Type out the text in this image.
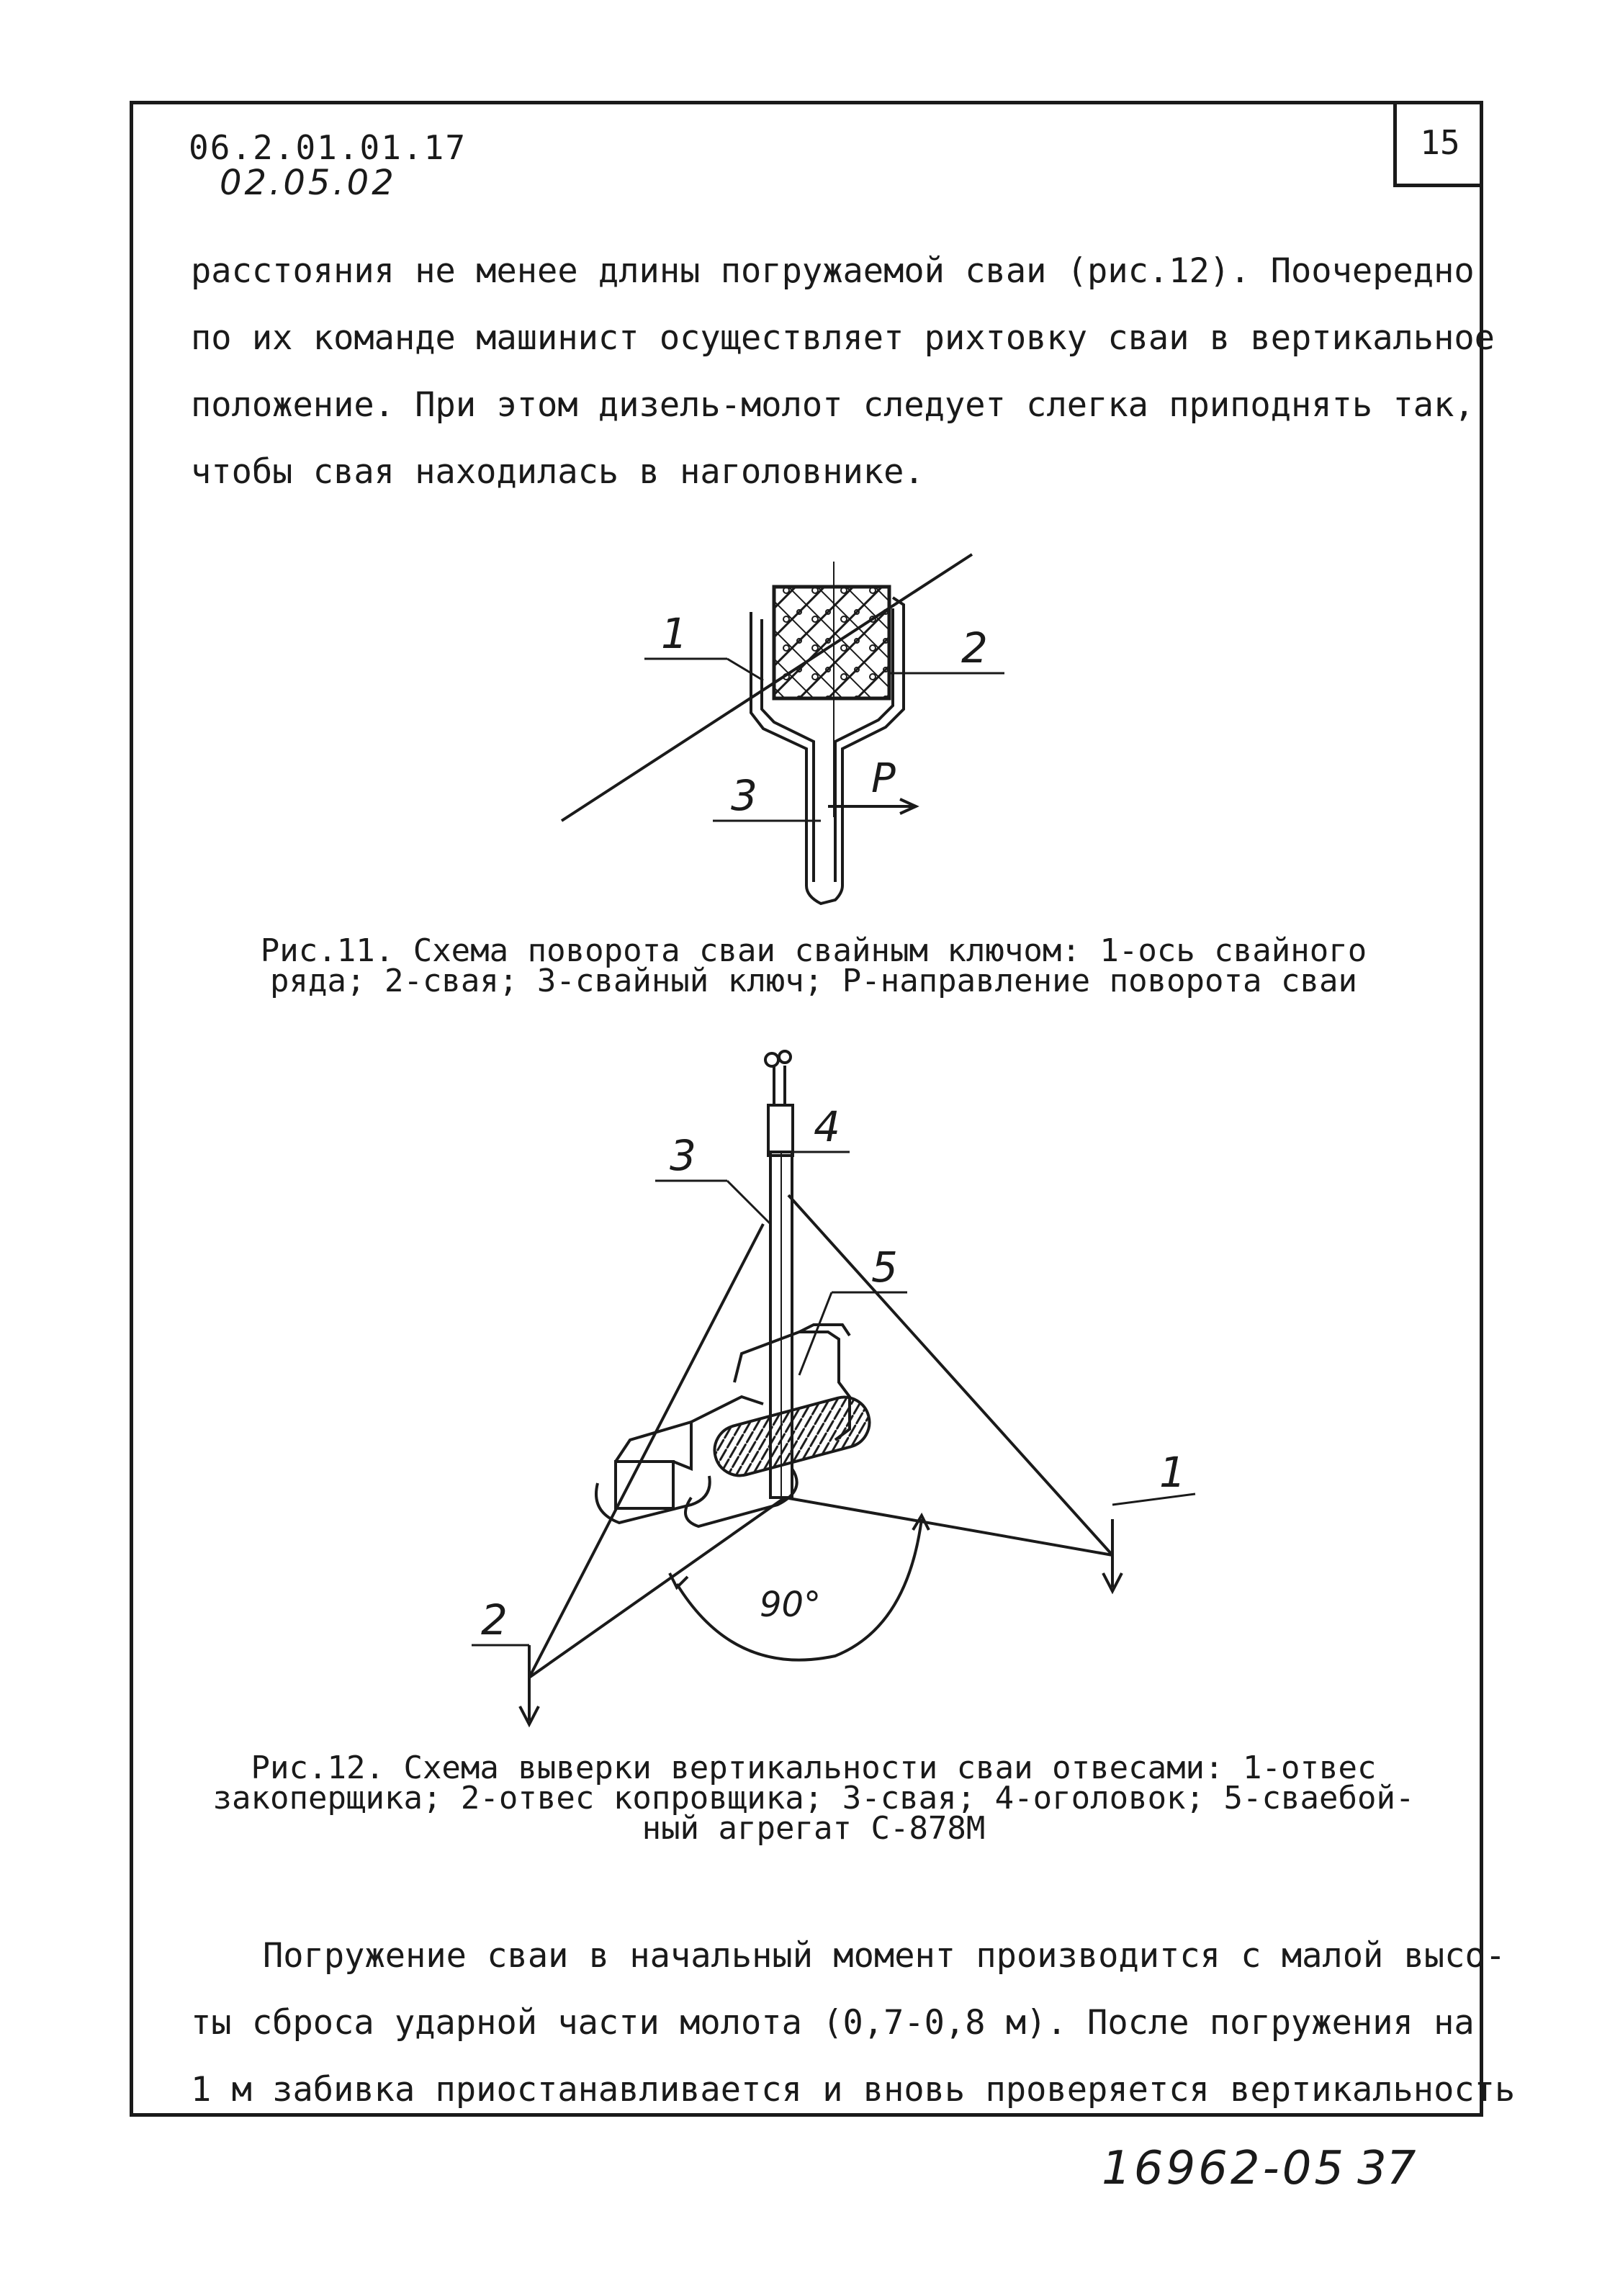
15
06.2.01.01.17
02.05.02

расстояния не менее длины погружаемой сваи (рис.12). Поочередно

по их команде машинист осуществляет рихтовку сваи в вертикальное

положение. При этом дизель-молот следует слегка приподнять так,

чтобы свая находилась в наголовнике.

1	2
3	P
3
4
5
1
2	90°

Рис.11. Схема поворота сваи свайным ключом: 1-ось свайного

ряда; 2-свая; 3-свайный ключ; Р-направление поворота сваи

Рис.12. Схема выверки вертикальности сваи отвесами: 1-отвес

закоперщика; 2-отвес копровщика; 3-свая; 4-оголовок; 5-сваебой-

ный агрегат С-878М

Погружение сваи в начальный момент производится с малой высо-

ты сброса ударной части молота (0,7-0,8 м). После погружения на

1 м забивка приостанавливается и вновь проверяется вертикальность

16962-05 37
